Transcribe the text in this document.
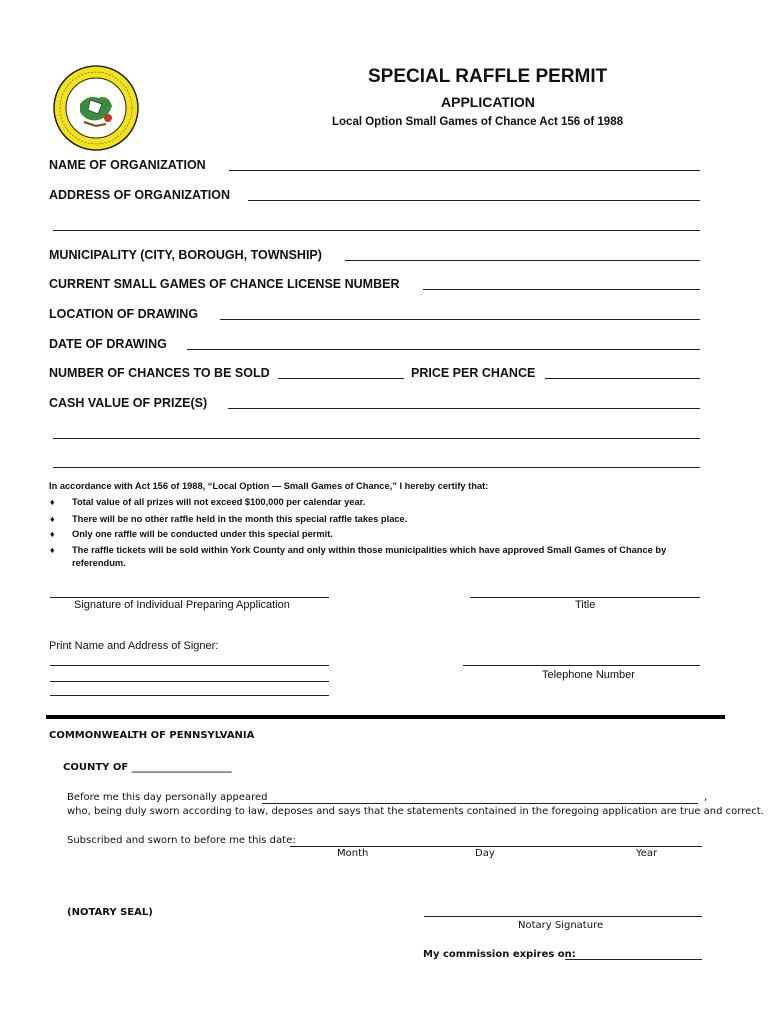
SPECIAL RAFFLE PERMIT
APPLICATION
Local Option Small Games of Chance Act 156 of 1988
NAME OF ORGANIZATION
ADDRESS OF ORGANIZATION
MUNICIPALITY (CITY, BOROUGH, TOWNSHIP)
CURRENT SMALL GAMES OF CHANCE LICENSE NUMBER
LOCATION OF DRAWING
DATE OF DRAWING
NUMBER OF CHANCES TO BE SOLD	PRICE PER CHANCE
CASH VALUE OF PRIZE(S)
In accordance with Act 156 of 1988, “Local Option — Small Games of Chance,” I hereby certify that:
♦ Total value of all prizes will not exceed $100,000 per calendar year.
♦ There will be no other raffle held in the month this special raffle takes place.
♦ Only one raffle will be conducted under this special permit.
♦ The raffle tickets will be sold within York County and only within those municipalities which have approved Small Games of Chance by
referendum.
Signature of Individual Preparing Application	Title
Print Name and Address of Signer:
Telephone Number
COMMONWEALTH OF PENNSYLVANIA
COUNTY OF ____________________
Before me this day personally appeared	,
who, being duly sworn according to law, deposes and says that the statements contained in the foregoing application are true and correct.
Subscribed and sworn to before me this date:
Month	Day	Year
(NOTARY SEAL)
Notary Signature
My commission expires on:
